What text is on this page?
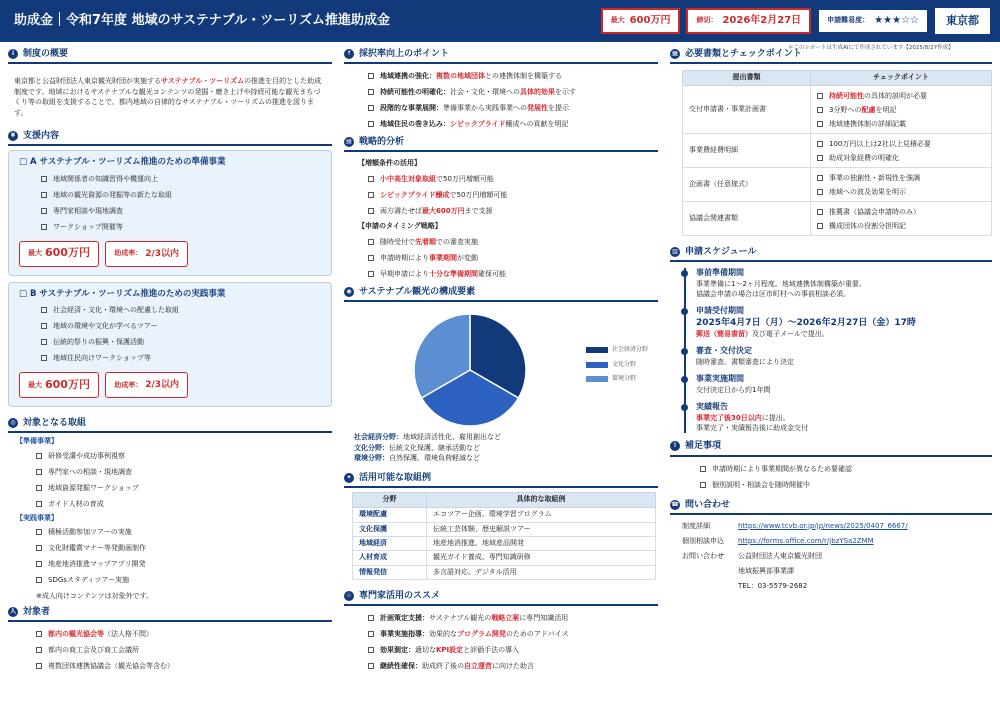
助成金｜令和7年度 地域のサステナブル・ツーリズム推進助成金	最大 600万円	締切： 2026年2月27日	申請難易度： ★★★☆☆	東京都
＊このレポートは生成AIにて作成されています【2025/8/27作成】
i 制度の概要
東京都と公益財団法人東京観光財団が実施するサステナブル・ツーリズムの推進を目的とした助成制度です。地域におけるサステナブルな観光コンテンツの発掘・磨き上げや持続可能な観光まちづくり等の取組を支援することで、都内地域の自律的なサステナブル・ツーリズムの推進を図ります。
¥ 支援内容
□ A サステナブル・ツーリズム推進のための準備事業
地域関係者の知識習得や機運向上
地域の観光資源の発掘等の新たな取組
専門家相談や現地調査
ワークショップ開催等
最大 600万円
	助成率： 2/3以内
□ B サステナブル・ツーリズム推進のための実践事業
社会経済・文化・環境への配慮した取組
地域の環境や文化が学べるツアー
伝統的祭りの振興・保護活動
地域住民向けワークショップ等
最大 600万円
	助成率： 2/3以内
◎ 対象となる取組
【準備事業】
研修受講や成功事例視察
専門家への相談・現地調査
地域資源発掘ワークショップ
ガイド人材の育成
【実践事業】
積極活動参加ツアーの実施
文化財鑑賞マナー等発動画制作
地産地消推進マップアプリ開発
SDGsスタディツアー実施
※成人向けコンテンツは対象外です。
人 対象者
都内の観光協会等（法人格不問）
都内の商工会及び商工会議所
複数団体連携協議会（観光協会等含む）
↑ 採択率向上のポイント
地域連携の強化：複数の地域団体との連携体制を構築する
持続可能性の明確化：社会・文化・環境への具体的効果を示す
段階的な事業展開：準備事業から実践事業への発展性を提示
地域住民の巻き込み：シビックプライド醸成への貢献を明記
▤ 戦略的分析
【増額条件の活用】
小中高生対象取組で50万円増額可能
シビックプライド醸成で50万円増額可能
両方満たせば最大600万円まで支援
【申請のタイミング戦略】
随時受付で先着順での審査実施
申請時期により事業期間が変動
早期申請により十分な準備期間確保可能
◉ サステナブル観光の構成要素
社会経済分野
文化分野
環境分野
社会経済分野：地域経済活性化、雇用創出など
文化分野：伝統文化保護、継承活動など
環境分野：自然保護、環境負荷軽減など
✦ 活用可能な取組例
分野	具体的な取組例
環境配慮	エコツアー企画、環境学習プログラム
文化保護	伝統工芸体験、歴史解説ツアー
地域経済	地産地消推進、地域産品開発
人材育成	観光ガイド養成、専門知識研修
情報発信	多言語対応、デジタル活用
☆ 専門家活用のススメ
計画策定支援：サステナブル観光の戦略立案に専門知識活用
事業実施指導：効果的なプログラム開発のためのアドバイス
効果測定：適切なKPI設定と評価手法の導入
継続性確保：助成終了後の自立運営に向けた助言
▦ 必要書類とチェックポイント
提出書類	チェックポイント
交付申請書・事業計画書	持続可能性の具体的説明が必要
3分野への配慮を明記
地域連携体制の詳細記載

事業費経費明細	100万円以上は2社以上見積必要
助成対象経費の明確化

企画書（任意様式）	事業の独創性・新規性を強調
地域への波及効果を明示

協議会関連書類	推薦書（協議会申請時のみ）
構成団体の役割分担明記
▥ 申請スケジュール
事前準備期間
事業準備に1～2ヶ月程度。地域連携体制構築が重要。
協議会申請の場合は区市町村への事前相談必須。
申請受付期間
2025年4月7日（月）～2026年2月27日（金）17時
郵送（簡易書留）及び電子メールで提出。
審査・交付決定
随時審査。書類審査により決定
事業実施期間
交付決定日から約1年間
実績報告
事業完了後30日以内に提出。
事業完了・実績報告後に助成金交付
! 補足事項
申請時期により事業期間が異なるため要確認
個別説明・相談会を随時開催中
☎ 問い合わせ
制度詳細	https://www.tcvb.or.jp/jp/news/2025/0407_6667/
個別相談申込	https://forms.office.com/r/jbzYSa2ZMM
お問い合わせ	公益財団法人東京観光財団
地域振興部事業課
TEL：03-5579-2682
